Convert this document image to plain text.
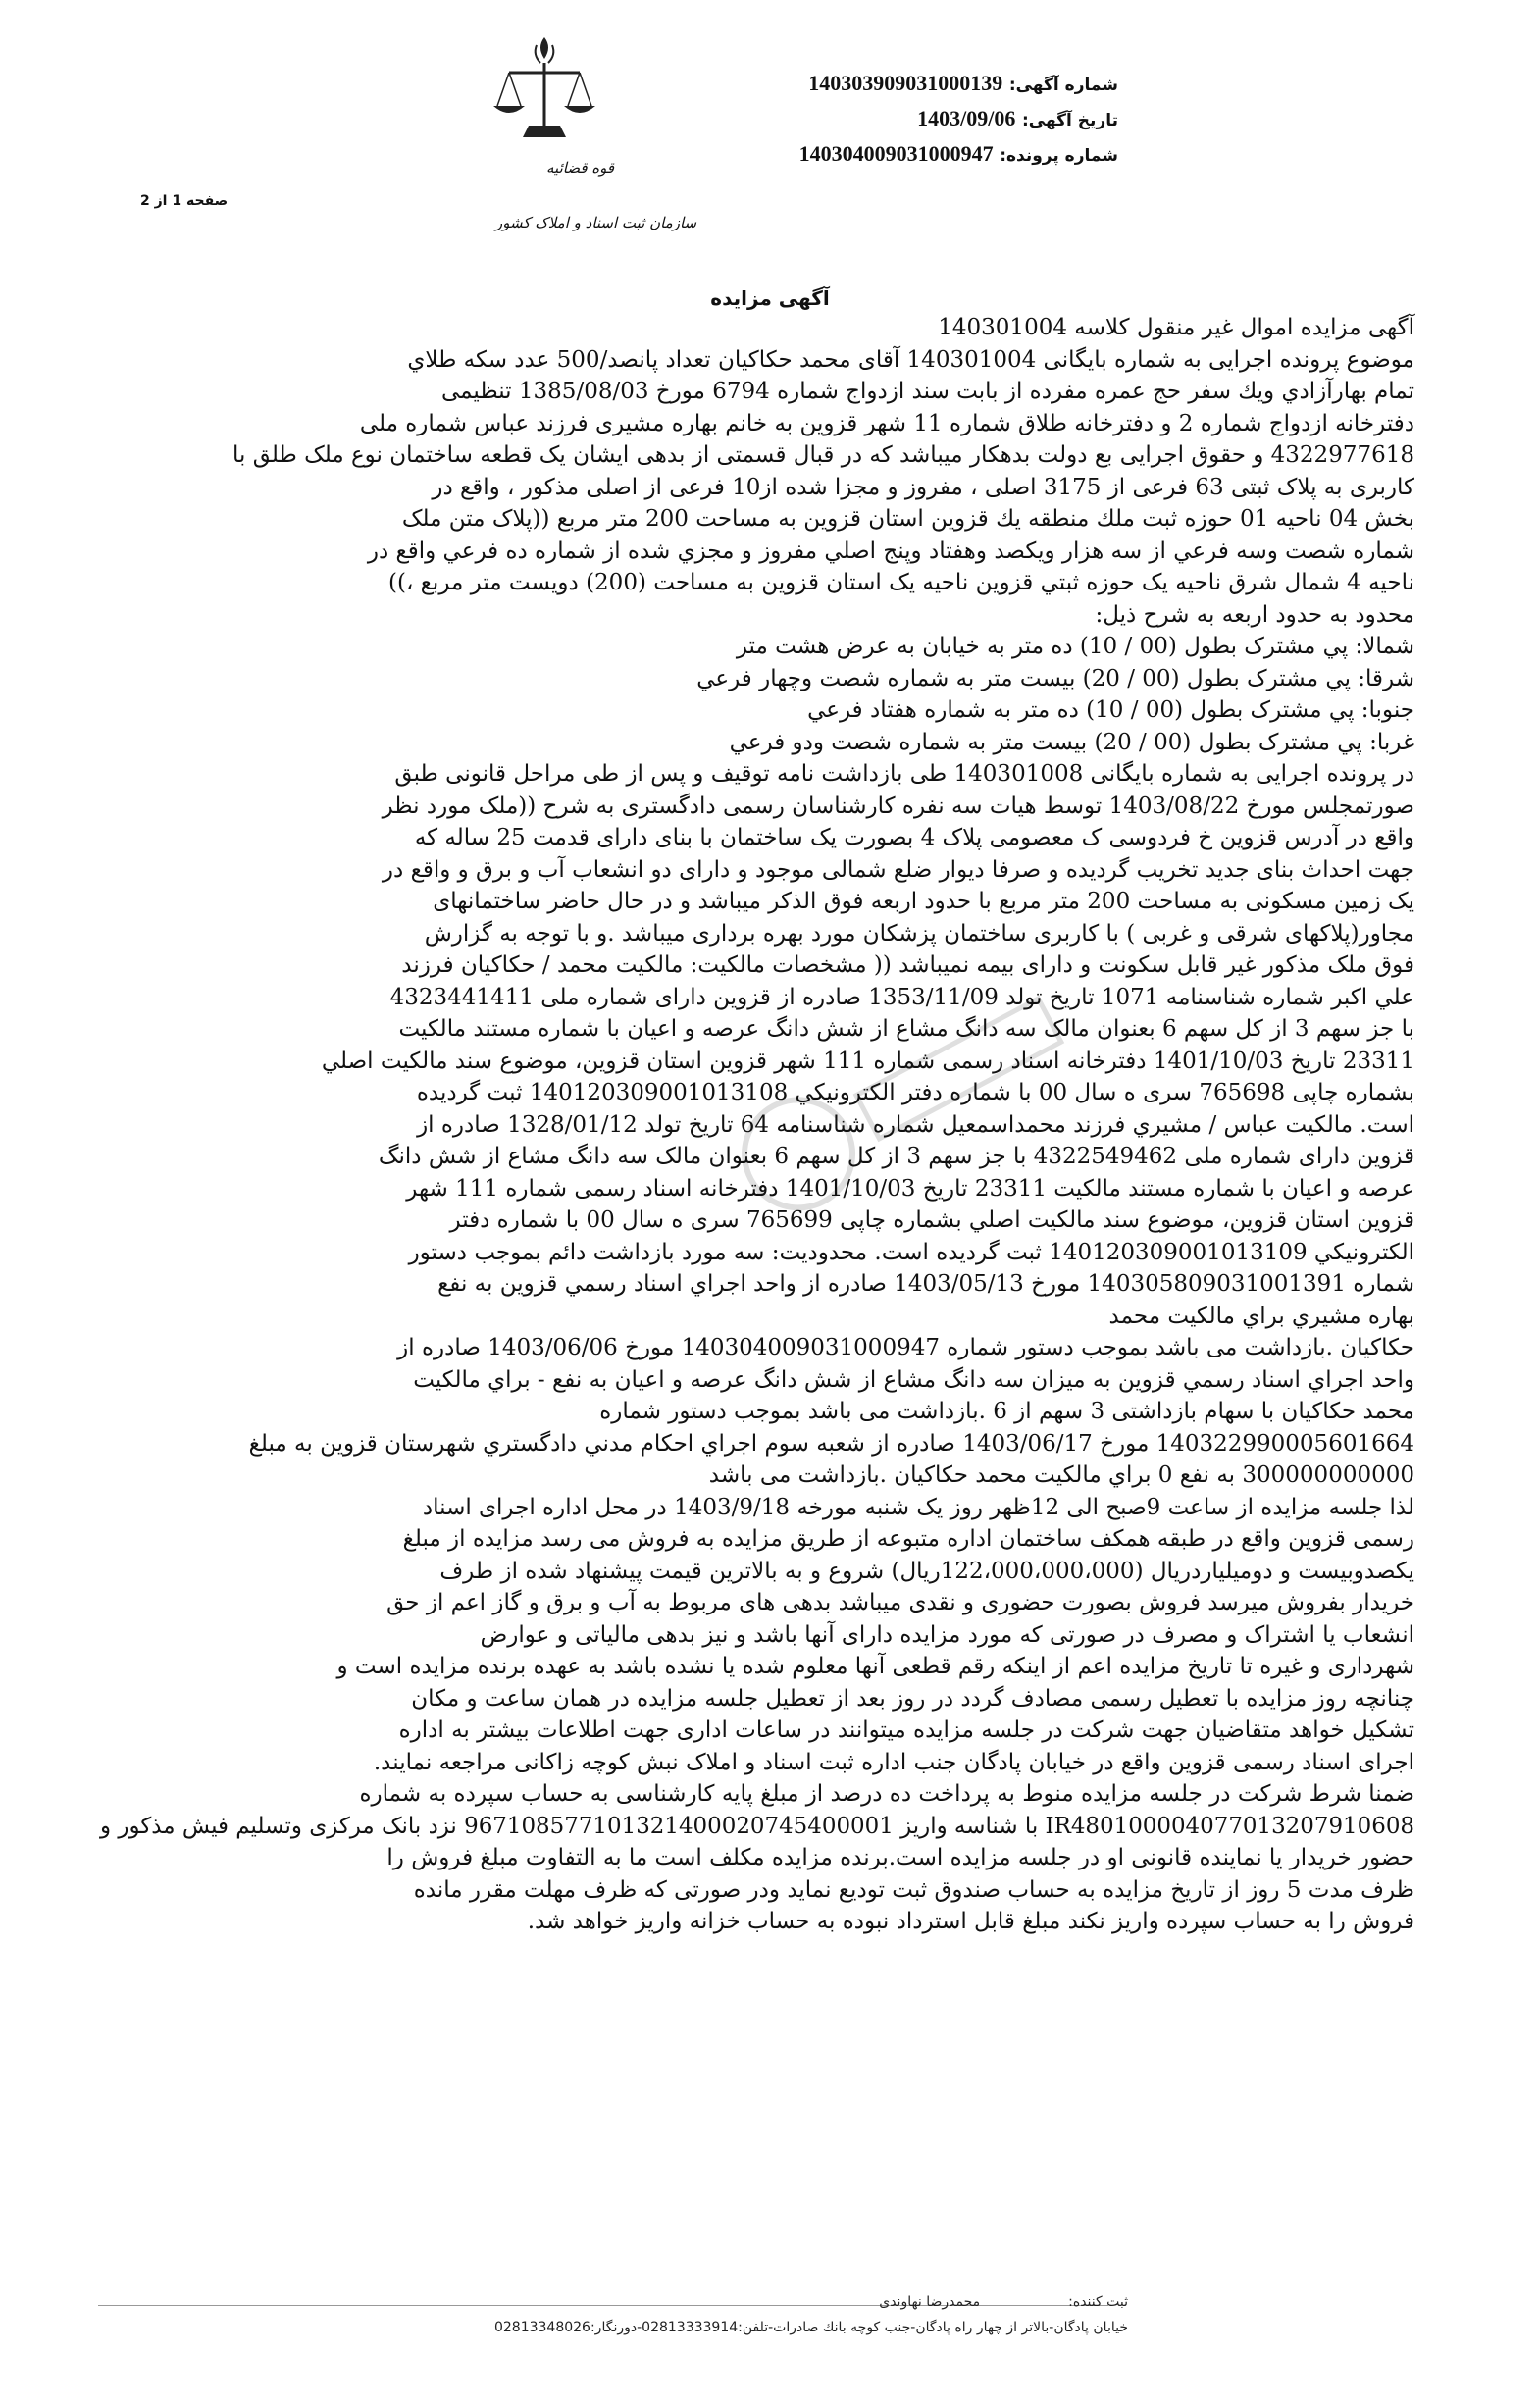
قوه قضائیه
سازمان ثبت اسناد و املاک کشور
شماره آگهی: 140303909031000139
تاریخ آگهی: 1403/09/06
شماره پرونده: 140304009031000947
صفحه 1 از 2
آگهی مزایده
آگهی مزایده اموال غیر منقول کلاسه 140301004
موضوع پرونده اجرایی به شماره بایگانی 140301004 آقای محمد حکاکیان تعداد پانصد/500 عدد سکه طلاي
تمام بهارآزادي ویك سفر حج عمره مفرده از بابت سند ازدواج شماره 6794 مورخ 1385/08/03 تنظیمی
دفترخانه ازدواج شماره 2 و دفترخانه طلاق شماره 11 شهر قزوین به خانم بهاره مشیری فرزند عباس شماره ملی
4322977618 و حقوق اجرایی بع دولت بدهکار میباشد که در قبال قسمتی از بدهی ایشان یک قطعه ساختمان نوع ملک طلق با
کاربری به پلاک ثبتی 63 فرعی از 3175 اصلی ، مفروز و مجزا شده از10 فرعی از اصلی مذکور ، واقع در
بخش 04 ناحیه 01 حوزه ثبت ملك منطقه يك قزوين استان قزوین به مساحت 200 متر مربع ((پلاک متن ملک
شماره شصت وسه فرعي از سه هزار ويكصد وهفتاد وپنج اصلي مفروز و مجزي شده از شماره ده فرعي واقع در
ناحیه 4 شمال شرق ناحیه یک حوزه ثبتي قزوين ناحیه یک استان قزوین به مساحت (200) دويست متر مربع ،))
محدود به حدود اربعه به شرح ذيل:
شمالا: پي مشترک بطول (00 / 10) ده متر به خيابان به عرض هشت متر
شرقا: پي مشترک بطول (00 / 20) بيست متر به شماره شصت وچهار فرعي
جنوبا: پي مشترک بطول (00 / 10) ده متر به شماره هفتاد فرعي
غربا: پي مشترک بطول (00 / 20) بيست متر به شماره شصت ودو فرعي
در پرونده اجرایی به شماره بایگانی 140301008 طی بازداشت نامه توقیف و پس از طی مراحل قانونی طبق
صورتمجلس مورخ 1403/08/22 توسط هیات سه نفره کارشناسان رسمی دادگستری به شرح ((ملک مورد نظر
واقع در آدرس قزوین خ فردوسی ک معصومی پلاک 4 بصورت یک ساختمان با بنای دارای قدمت 25 ساله که
جهت احداث بنای جدید تخریب گردیده و صرفا دیوار ضلع شمالی موجود و دارای دو انشعاب آب و برق و واقع در
یک زمین مسکونی به مساحت 200 متر مربع با حدود اربعه فوق الذکر میباشد و در حال حاضر ساختمانهای
مجاور(پلاکهای شرقی و غربی ) با کاربری ساختمان پزشکان مورد بهره برداری میباشد .و با توجه به گزارش
فوق ملک مذکور غیر قابل سکونت و دارای بیمه نمیباشد (( مشخصات مالکیت: مالکیت محمد / حکاکیان فرزند
علي اكبر شماره شناسنامه 1071 تاریخ تولد 1353/11/09 صادره از قزوین دارای شماره ملی 4323441411
با جز سهم 3 از کل سهم 6 بعنوان مالک سه دانگ مشاع از شش دانگ عرصه و اعیان با شماره مستند مالکیت
23311 تاریخ 1401/10/03 دفترخانه اسناد رسمی شماره 111 شهر قزوین استان قزوین، موضوع سند مالکیت اصلي
بشماره چاپی 765698 سری ه سال 00 با شماره دفتر الكترونيكي 140120309001013108 ثبت گردیده
است. مالکیت عباس / مشیري فرزند محمداسمعیل شماره شناسنامه 64 تاریخ تولد 1328/01/12 صادره از
قزوین دارای شماره ملی 4322549462 با جز سهم 3 از کل سهم 6 بعنوان مالک سه دانگ مشاع از شش دانگ
عرصه و اعیان با شماره مستند مالکیت 23311 تاریخ 1401/10/03 دفترخانه اسناد رسمی شماره 111 شهر
قزوین استان قزوین، موضوع سند مالکیت اصلي بشماره چاپی 765699 سری ه سال 00 با شماره دفتر
الكترونيكي 140120309001013109 ثبت گردیده است. محدودیت: سه مورد بازداشت دائم بموجب دستور
شماره 140305809031001391 مورخ 1403/05/13 صادره از واحد اجراي اسناد رسمي قزوين به نفع
بهاره مشيري براي مالكيت محمد
حکاکیان .بازداشت می باشد بموجب دستور شماره 140304009031000947 مورخ 1403/06/06 صادره از
واحد اجراي اسناد رسمي قزوين به ميزان سه دانگ مشاع از شش دانگ عرصه و اعیان به نفع - براي مالكيت
محمد حکاکیان با سهام بازداشتی 3 سهم از 6 .بازداشت می باشد بموجب دستور شماره
140322990005601664 مورخ 1403/06/17 صادره از شعبه سوم اجراي احكام مدني دادگستري شهرستان قزوين به مبلغ
300000000000 به نفع 0 براي مالكيت محمد حکاکیان .بازداشت می باشد
لذا جلسه مزایده از ساعت 9صبح الی 12ظهر روز یک شنبه مورخه 1403/9/18 در محل اداره اجرای اسناد
رسمی قزوین واقع در طبقه همکف ساختمان اداره متبوعه از طریق مزایده به فروش می رسد مزایده از مبلغ
یکصدوبیست و دومیلیاردریال (122،000،000،000ریال) شروع و به بالاترین قیمت پیشنهاد شده از طرف
خریدار بفروش میرسد فروش بصورت حضوری و نقدی میباشد بدهی های مربوط به آب و برق و گاز اعم از حق
انشعاب یا اشتراک و مصرف در صورتی که مورد مزایده دارای آنها باشد و نیز بدهی مالیاتی و عوارض
شهرداری و غیره تا تاریخ مزایده اعم از اینکه رقم قطعی آنها معلوم شده یا نشده باشد به عهده برنده مزایده است و
چنانچه روز مزایده با تعطیل رسمی مصادف گردد در روز بعد از تعطیل جلسه مزایده در همان ساعت و مکان
تشکیل خواهد متقاضیان جهت شرکت در جلسه مزایده میتوانند در ساعات اداری جهت اطلاعات بیشتر به اداره
اجرای اسناد رسمی قزوین واقع در خیابان پادگان جنب اداره ثبت اسناد و املاک نبش کوچه زاکانی مراجعه نمایند.
ضمنا شرط شرکت در جلسه مزایده منوط به پرداخت ده درصد از مبلغ پایه کارشناسی به حساب سپرده به شماره
IR480100004077013207910608 با شناسه واریز 967108577101321400020745400001 نزد بانک مرکزی وتسلیم فیش مذکور و
حضور خریدار یا نماینده قانونی او در جلسه مزایده است.برنده مزایده مکلف است ما به التفاوت مبلغ فروش را
ظرف مدت 5 روز از تاریخ مزایده به حساب صندوق ثبت تودیع نماید ودر صورتی که ظرف مهلت مقرر مانده
فروش را به حساب سپرده واریز نکند مبلغ قابل استرداد نبوده به حساب خزانه واریز خواهد شد.
ثبت کننده:
محمدرضا نهاوندی
خیابان پادگان-بالاتر از چهار راه پادگان-جنب کوچه بانك صادرات-تلفن:02813333914-دورنگار:02813348026
